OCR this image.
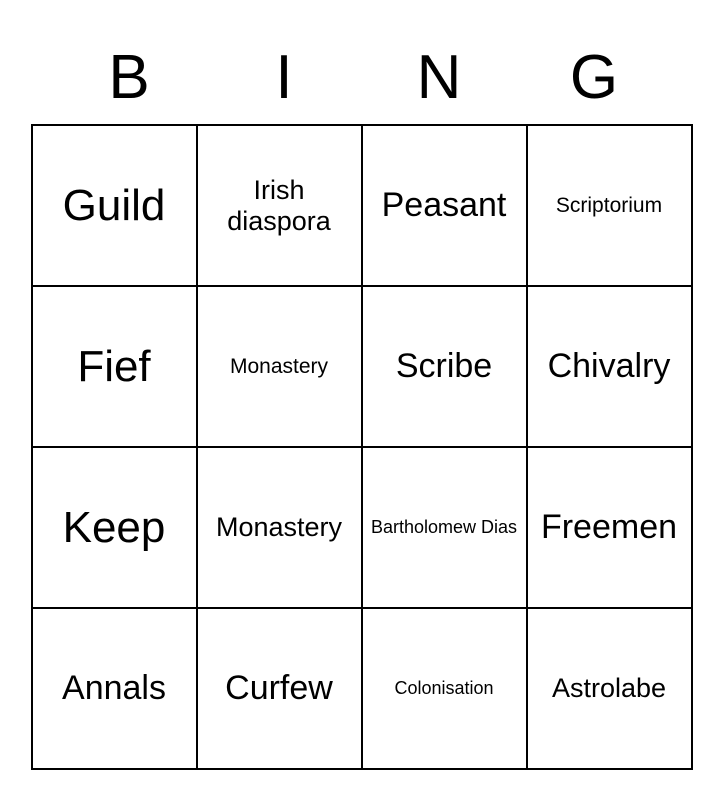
B	I	N	G
Guild	Irish diaspora	Peasant	Scriptorium

Fief	Monastery	Scribe	Chivalry

Keep	Monastery	Bartholomew Dias	Freemen

Annals	Curfew	Colonisation	Astrolabe
